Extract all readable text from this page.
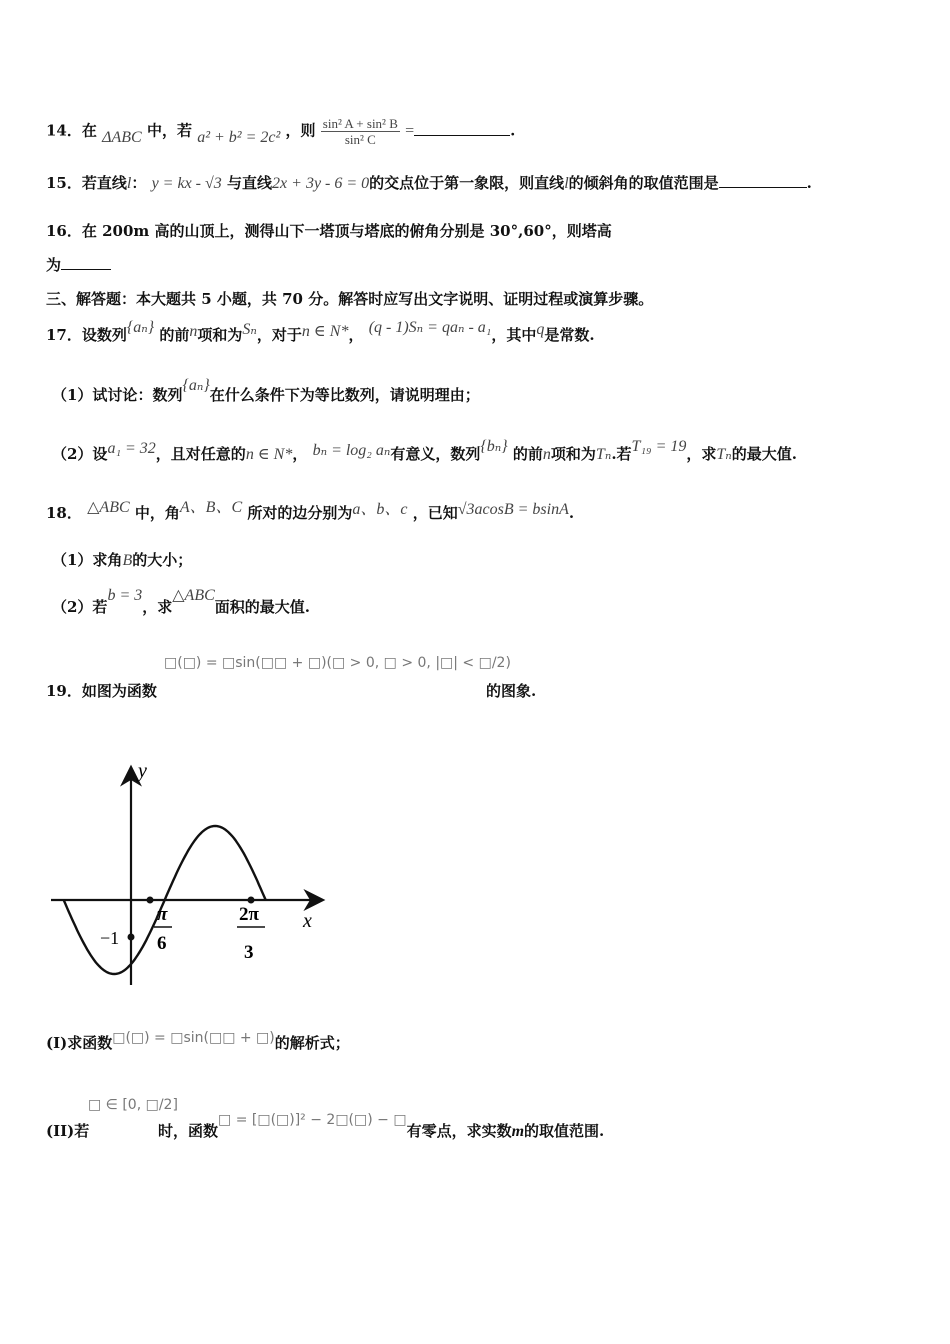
14．在 ΔABC 中，若 a² + b² = 2c² ，则 $\frac{\text{sin² A + sin² B}}{\text{sin² C}}$ =	.
15．若直线l： y = kx - √3 与直线2x + 3y - 6 = 0的交点位于第一象限，则直线l的倾斜角的取值范围是	.
16．在 200m 高的山顶上，测得山下一塔顶与塔底的俯角分别是 30°,60°，则塔高
为
三、解答题：本大题共 5 小题，共 70 分。解答时应写出文字说明、证明过程或演算步骤。
17．设数列{aₙ} 的前n项和为Sₙ，对于n ∈ N*， (q - 1)Sₙ = qaₙ - a₁，其中q是常数.
（1）试讨论：数列{aₙ}在什么条件下为等比数列，请说明理由；
（2）设a₁ = 32，且对任意的n ∈ N*， bₙ = log₂ aₙ有意义，数列{bₙ} 的前n项和为Tₙ.若T₁₉ = 19，求Tₙ的最大值.
18． △ABC 中，角A、B、C 所对的边分别为a、b、c ，已知√3acosB = bsinA.
（1）求角B的大小；
（2）若b = 3，求△ABC面积的最大值.
□(□) = □sin(□□ + □)(□ > 0, □ > 0, |□| < □/2)
19．如图为函数	的图象.
y
x
−1
π
6
2π
3
(I)求函数□(□) = □sin(□□ + □)的解析式；
(II)若
□ ∈ [0, □/2]
时，函数□ = [□(□)]² − 2□(□) − □有零点，求实数m的取值范围.
